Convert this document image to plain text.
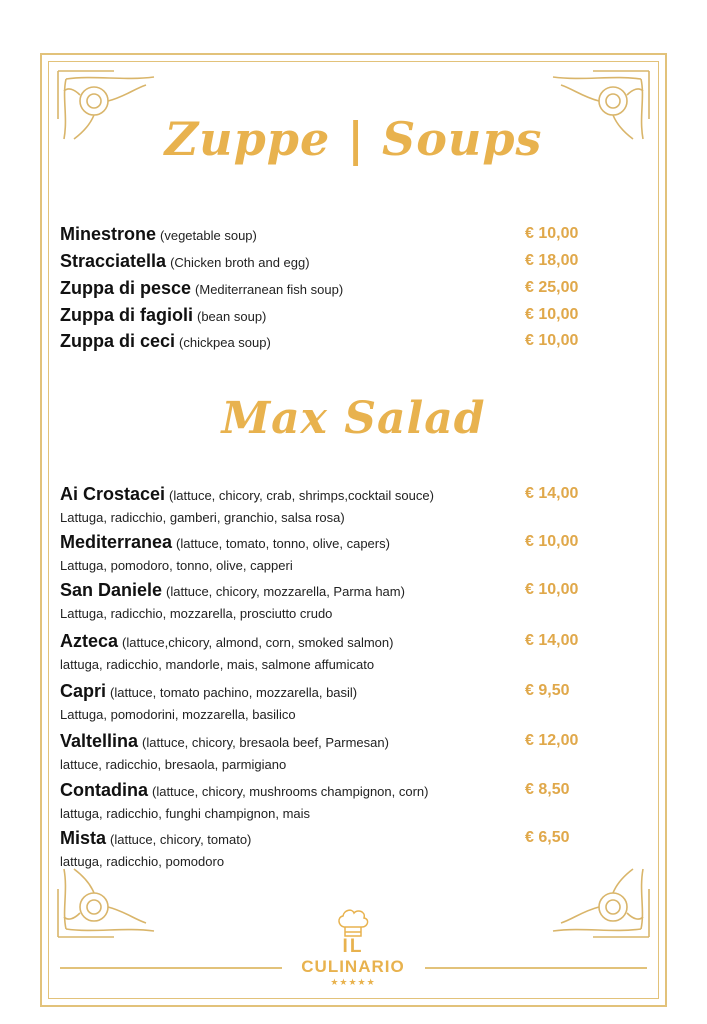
Zuppe | Soups
Minestrone (vegetable soup)	€ 10,00
Stracciatella (Chicken broth and egg)	€ 18,00
Zuppa di pesce (Mediterranean fish soup)	€ 25,00
Zuppa di fagioli (bean soup)	€ 10,00
Zuppa di ceci (chickpea soup)	€ 10,00
Max Salad
Ai Crostacei (lattuce, chicory, crab, shrimps,cocktail souce)	€ 14,00
Lattuga, radicchio, gamberi, granchio, salsa rosa)
Mediterranea (lattuce, tomato, tonno, olive, capers)	€ 10,00
Lattuga, pomodoro, tonno, olive, capperi
San Daniele (lattuce, chicory, mozzarella, Parma ham)	€ 10,00
Lattuga, radicchio, mozzarella, prosciutto crudo
Azteca (lattuce,chicory, almond, corn, smoked salmon)	€ 14,00
lattuga, radicchio, mandorle, mais, salmone affumicato
Capri (lattuce, tomato pachino, mozzarella, basil)	€ 9,50
Lattuga, pomodorini, mozzarella, basilico
Valtellina (lattuce, chicory, bresaola beef, Parmesan)	€ 12,00
lattuce, radicchio, bresaola, parmigiano
Contadina (lattuce, chicory, mushrooms champignon, corn)	€ 8,50
lattuga, radicchio, funghi champignon, mais
Mista (lattuce, chicory, tomato)	€ 6,50
lattuga, radicchio, pomodoro
IL
CULINARIO
★★★★★
